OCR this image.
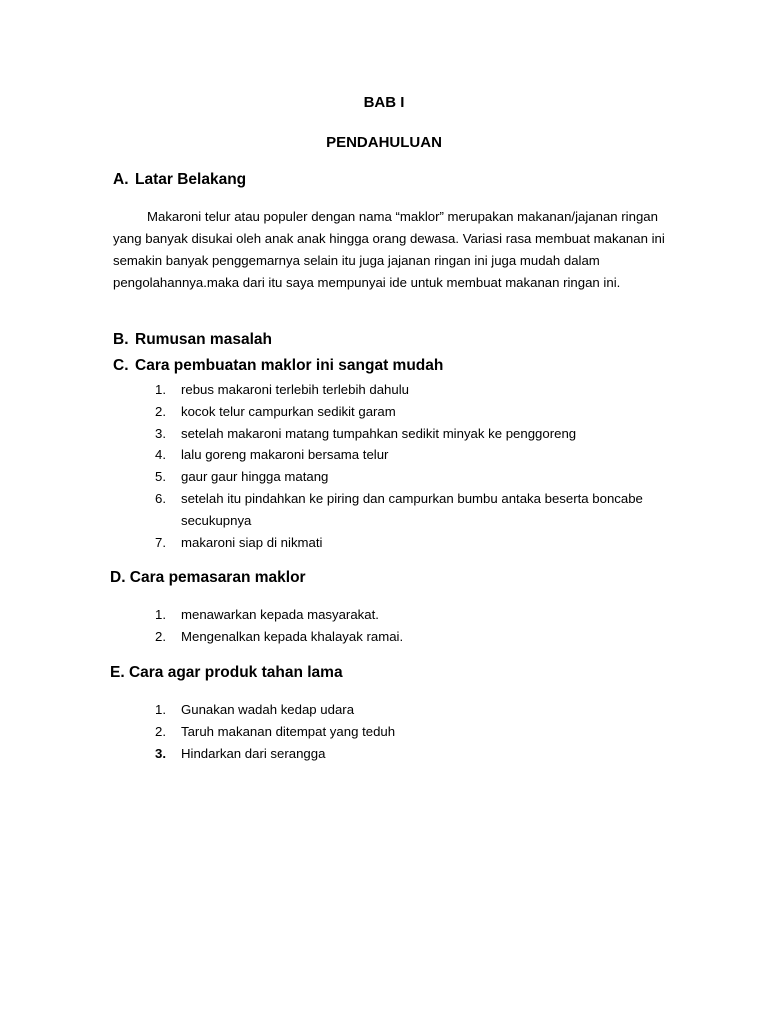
BAB I
PENDAHULUAN
A. Latar Belakang

Makaroni telur atau populer dengan nama “maklor” merupakan makanan/jajanan ringan yang banyak disukai oleh anak anak hingga orang dewasa. Variasi rasa membuat makanan ini semakin banyak penggemarnya selain itu juga jajanan ringan ini juga mudah dalam pengolahannya.maka dari itu saya mempunyai ide untuk membuat makanan ringan ini.

B. Rumusan masalah
C. Cara pembuatan maklor ini sangat mudah
1.	rebus makaroni terlebih terlebih dahulu
2.	kocok telur campurkan sedikit garam
3.	setelah makaroni matang tumpahkan sedikit minyak ke penggoreng
4.	lalu goreng makaroni bersama telur
5.	gaur gaur hingga matang
6.	setelah itu pindahkan ke piring dan campurkan bumbu antaka beserta boncabe secukupnya
7.	makaroni siap di nikmati
D. Cara pemasaran maklor
1.	menawarkan kepada masyarakat.
2.	Mengenalkan kepada khalayak ramai.
E. Cara agar produk tahan lama
1.	Gunakan wadah kedap udara
2.	Taruh makanan ditempat yang teduh
3.	Hindarkan dari serangga
